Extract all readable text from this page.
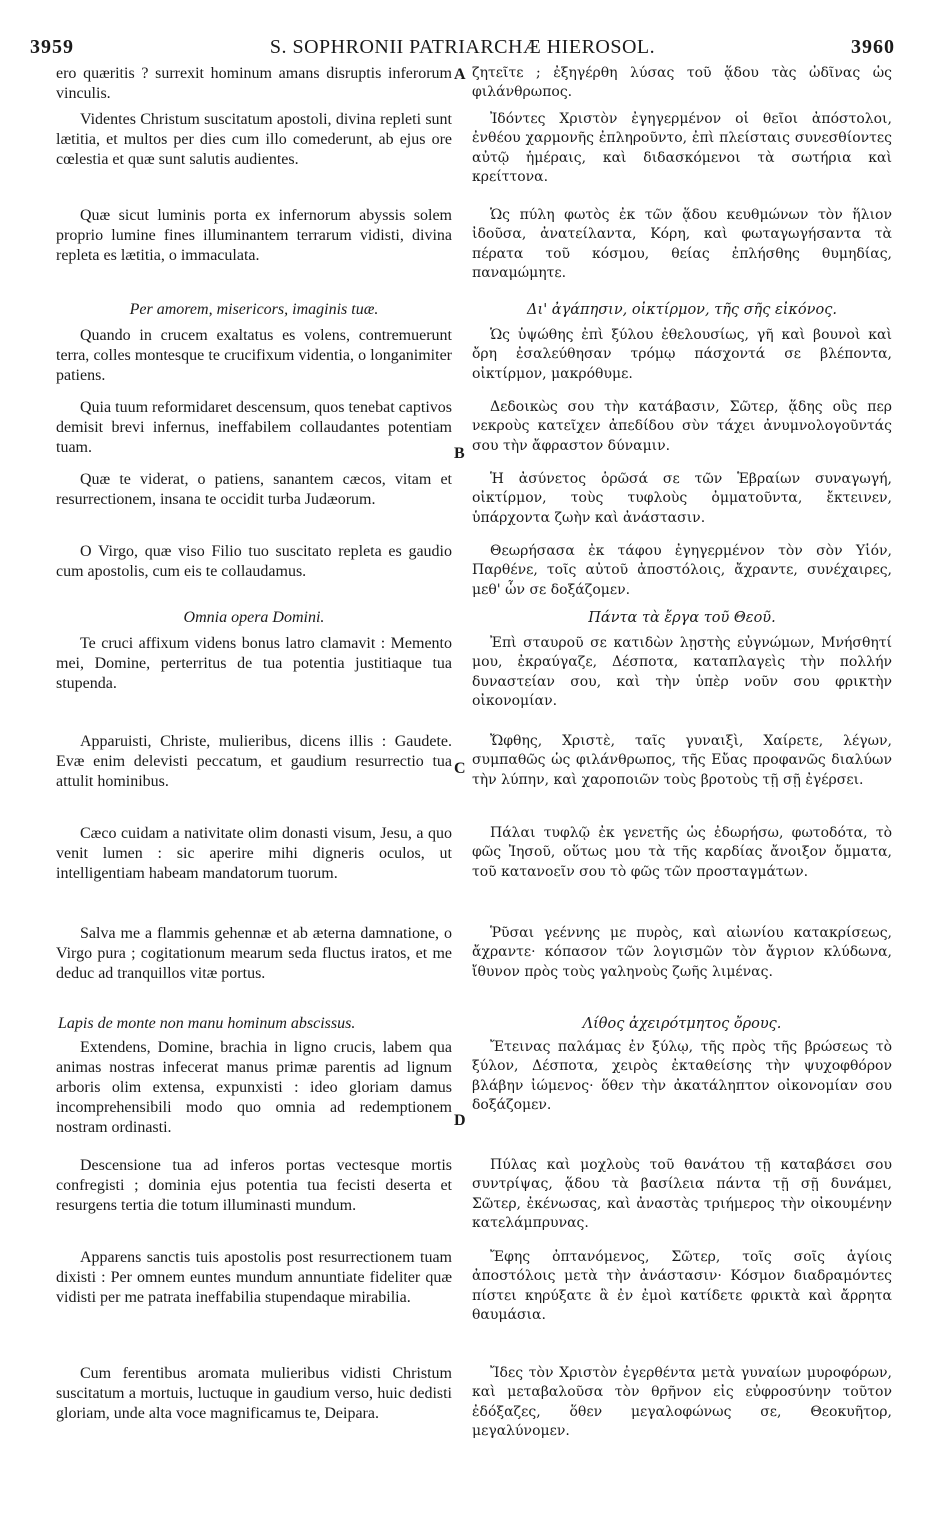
3959	S. SOPHRONII PATRIARCHÆ HIEROSOL.	3960
A
B
C
D

ero quæritis ? surrexit hominum amans disruptis inferorum vinculis.

Videntes Christum suscitatum apostoli, divina repleti sunt lætitia, et multos per dies cum illo comederunt, ab ejus ore cœlestia et quæ sunt salutis audientes.

Quæ sicut luminis porta ex infernorum abyssis solem proprio lumine fines illuminantem terrarum vidisti, divina repleta es lætitia, o immaculata.

Per amorem, misericors, imaginis tuæ.

Quando in crucem exaltatus es volens, contremuerunt terra, colles montesque te crucifixum videntia, o longanimiter patiens.

Quia tuum reformidaret descensum, quos tenebat captivos demisit brevi infernus, ineffabilem collaudantes potentiam tuam.

Quæ te viderat, o patiens, sanantem cæcos, vitam et resurrectionem, insana te occidit turba Judæorum.

O Virgo, quæ viso Filio tuo suscitato repleta es gaudio cum apostolis, cum eis te collaudamus.

Omnia opera Domini.

Te cruci affixum videns bonus latro clamavit : Memento mei, Domine, perterritus de tua potentia justitiaque tua stupenda.

Apparuisti, Christe, mulieribus, dicens illis : Gaudete. Evæ enim delevisti peccatum, et gaudium resurrectio tua attulit hominibus.

Cæco cuidam a nativitate olim donasti visum, Jesu, a quo venit lumen : sic aperire mihi digneris oculos, ut intelligentiam habeam mandatorum tuorum.

Salva me a flammis gehennæ et ab æterna damnatione, o Virgo pura ; cogitationum mearum seda fluctus iratos, et me deduc ad tranquillos vitæ portus.

Lapis de monte non manu hominum abscissus.

Extendens, Domine, brachia in ligno crucis, labem qua animas nostras infecerat manus primæ parentis ad lignum arboris olim extensa, expunxisti : ideo gloriam damus incomprehensibili modo quo omnia ad redemptionem nostram ordinasti.

Descensione tua ad inferos portas vectesque mortis confregisti ; dominia ejus potentia tua fecisti deserta et resurgens tertia die totum illuminasti mundum.

Apparens sanctis tuis apostolis post resurrectionem tuam dixisti : Per omnem euntes mundum annuntiate fideliter quæ vidisti per me patrata ineffabilia stupendaque mirabilia.

Cum ferentibus aromata mulieribus vidisti Christum suscitatum a mortuis, luctuque in gaudium verso, huic dedisti gloriam, unde alta voce magnificamus te, Deipara.

ζητεῖτε ; ἐξηγέρθη λύσας τοῦ ᾅδου τὰς ὠδῖνας ὡς φιλάνθρωπος.

Ἰδόντες Χριστὸν ἐγηγερμένον οἱ θεῖοι ἀπόστολοι, ἐνθέου χαρμονῆς ἐπληροῦντο, ἐπὶ πλείσταις συνεσθίοντες αὐτῷ ἡμέραις, καὶ διδασκόμενοι τὰ σωτήρια καὶ κρείττονα.

Ὡς πύλη φωτὸς ἐκ τῶν ᾅδου κευθμώνων τὸν ἥλιον ἰδοῦσα, ἀνατείλαντα, Κόρη, καὶ φωταγωγήσαντα τὰ πέρατα τοῦ κόσμου, θείας ἐπλήσθης θυμηδίας, παναμώμητε.

Δι' ἀγάπησιν, οἰκτίρμον, τῆς σῆς εἰκόνος.

Ὡς ὑψώθης ἐπὶ ξύλου ἐθελουσίως, γῆ καὶ βουνοὶ καὶ ὄρη ἐσαλεύθησαν τρόμῳ πάσχοντά σε βλέποντα, οἰκτίρμον, μακρόθυμε.

Δεδοικὼς σου τὴν κατάβασιν, Σῶτερ, ᾅδης οὓς περ νεκροὺς κατεῖχεν ἀπεδίδου σὺν τάχει ἀνυμνολογοῦντάς σου τὴν ἄφραστον δύναμιν.

Ἡ ἀσύνετος ὁρῶσά σε τῶν Ἑβραίων συναγωγή, οἰκτίρμον, τοὺς τυφλοὺς ὀμματοῦντα, ἔκτεινεν, ὑπάρχοντα ζωὴν καὶ ἀνάστασιν.

Θεωρήσασα ἐκ τάφου ἐγηγερμένον τὸν σὸν Υἱόν, Παρθένε, τοῖς αὐτοῦ ἀποστόλοις, ἄχραντε, συνέχαιρες, μεθ' ὧν σε δοξάζομεν.

Πάντα τὰ ἔργα τοῦ Θεοῦ.

Ἐπὶ σταυροῦ σε κατιδὼν λῃστὴς εὐγνώμων, Μνήσθητί μου, ἐκραύγαζε, Δέσποτα, καταπλαγεὶς τὴν πολλήν δυναστείαν σου, καὶ τὴν ὑπὲρ νοῦν σου φρικτὴν οἰκονομίαν.

Ὤφθης, Χριστὲ, ταῖς γυναιξὶ, Χαίρετε, λέγων, συμπαθῶς ὡς φιλάνθρωπος, τῆς Εὔας προφανῶς διαλύων τὴν λύπην, καὶ χαροποιῶν τοὺς βροτοὺς τῇ σῇ ἐγέρσει.

Πάλαι τυφλῷ ἐκ γενετῆς ὡς ἐδωρήσω, φωτοδότα, τὸ φῶς Ἰησοῦ, οὕτως μου τὰ τῆς καρδίας ἄνοιξον ὄμματα, τοῦ κατανοεῖν σου τὸ φῶς τῶν προσταγμάτων.

Ῥῦσαι γεέννης με πυρὸς, καὶ αἰωνίου κατακρίσεως, ἄχραντε· κόπασον τῶν λογισμῶν τὸν ἄγριον κλύδωνα, ἴθυνον πρὸς τοὺς γαληνοὺς ζωῆς λιμένας.

Λίθος ἀχειρότμητος ὄρους.

Ἔτεινας παλάμας ἐν ξύλῳ, τῆς πρὸς τῆς βρώσεως τὸ ξύλον, Δέσποτα, χειρὸς ἐκταθείσης τὴν ψυχοφθόρον βλάβην ἰώμενος· ὅθεν τὴν ἀκατάληπτον οἰκονομίαν σου δοξάζομεν.

Πύλας καὶ μοχλοὺς τοῦ θανάτου τῇ καταβάσει σου συντρίψας, ᾅδου τὰ βασίλεια πάντα τῇ σῇ δυνάμει, Σῶτερ, ἐκένωσας, καὶ ἀναστὰς τριήμερος τὴν οἰκουμένην κατελάμπρυνας.

Ἔφης ὀπτανόμενος, Σῶτερ, τοῖς σοῖς ἁγίοις ἀποστόλοις μετὰ τὴν ἀνάστασιν· Κόσμον διαδραμόντες πίστει κηρύξατε ἃ ἐν ἐμοὶ κατίδετε φρικτὰ καὶ ἄρρητα θαυμάσια.

Ἴδες τὸν Χριστὸν ἐγερθέντα μετὰ γυναίων μυροφόρων, καὶ μεταβαλοῦσα τὸν θρῆνον εἰς εὐφροσύνην τοῦτον ἐδόξαζες, ὅθεν μεγαλοφώνως σε, Θεοκυῆτορ, μεγαλύνομεν.
